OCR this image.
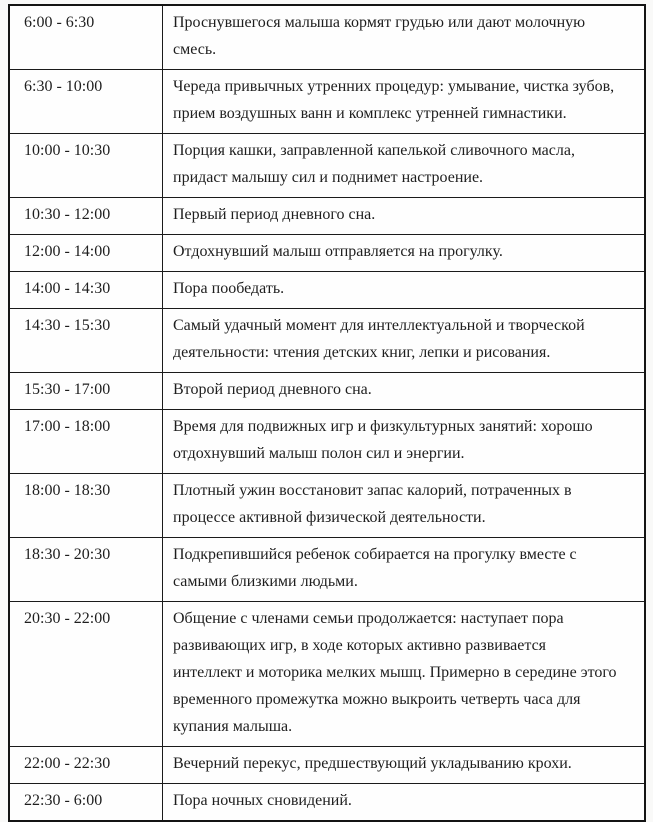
6:00 - 6:30	Проснувшегося малыша кормят грудью или дают молочную смесь.
6:30 - 10:00	Череда привычных утренних процедур: умывание, чистка зубов, прием воздушных ванн и комплекс утренней гимнастики.
10:00 - 10:30	Порция кашки, заправленной капелькой сливочного масла, придаст малышу сил и поднимет настроение.
10:30 - 12:00	Первый период дневного сна.
12:00 - 14:00	Отдохнувший малыш отправляется на прогулку.
14:00 - 14:30	Пора пообедать.
14:30 - 15:30	Самый удачный момент для интеллектуальной и творческой деятельности: чтения детских книг, лепки и рисования.
15:30 - 17:00	Второй период дневного сна.
17:00 - 18:00	Время для подвижных игр и физкультурных занятий: хорошо отдохнувший малыш полон сил и энергии.
18:00 - 18:30	Плотный ужин восстановит запас калорий, потраченных в процессе активной физической деятельности.
18:30 - 20:30	Подкрепившийся ребенок собирается на прогулку вместе с самыми близкими людьми.
20:30 - 22:00	Общение с членами семьи продолжается: наступает пора развивающих игр, в ходе которых активно развивается интеллект и моторика мелких мышц. Примерно в середине этого временного промежутка можно выкроить четверть часа для купания малыша.
22:00 - 22:30	Вечерний перекус, предшествующий укладыванию крохи.
22:30 - 6:00	Пора ночных сновидений.
